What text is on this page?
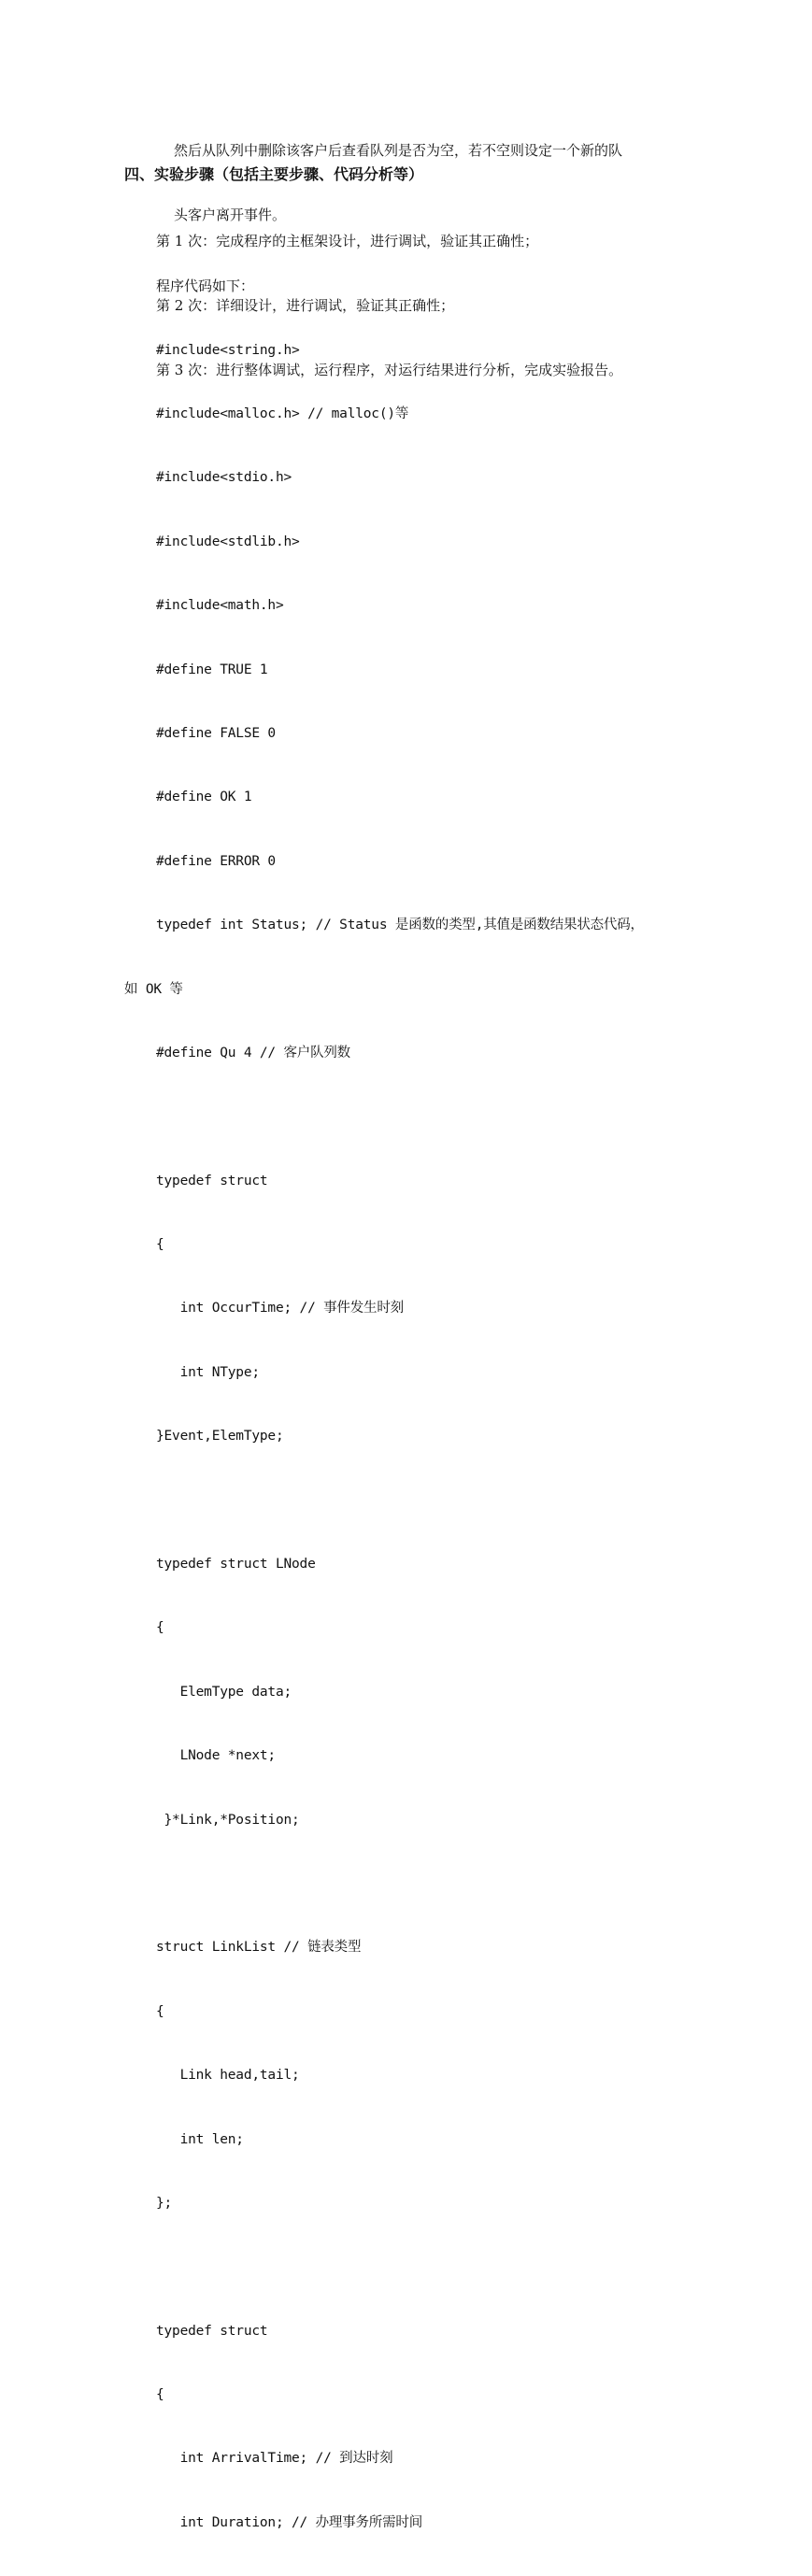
然后从队列中删除该客户后查看队列是否为空，若不空则设定一个新的队

头客户离开事件。

四、实验步骤（包括主要步骤、代码分析等）

第 1 次：完成程序的主框架设计，进行调试，验证其正确性；

第 2 次：详细设计，进行调试，验证其正确性；

第 3 次：进行整体调试，运行程序，对运行结果进行分析，完成实验报告。

程序代码如下：

#include<string.h>

#include<malloc.h> // malloc()等

#include<stdio.h>

#include<stdlib.h>

#include<math.h>

#define TRUE 1

#define FALSE 0

#define OK 1

#define ERROR 0

typedef int Status; // Status 是函数的类型,其值是函数结果状态代码，

如 OK 等

#define Qu 4 // 客户队列数

typedef struct

{

int OccurTime; // 事件发生时刻

int NType;

}Event,ElemType;

typedef struct LNode

{

ElemType data;

LNode *next;

}*Link,*Position;

struct LinkList // 链表类型

{

Link head,tail;

int len;

};

typedef struct

{

int ArrivalTime; // 到达时刻

int Duration; // 办理事务所需时间
